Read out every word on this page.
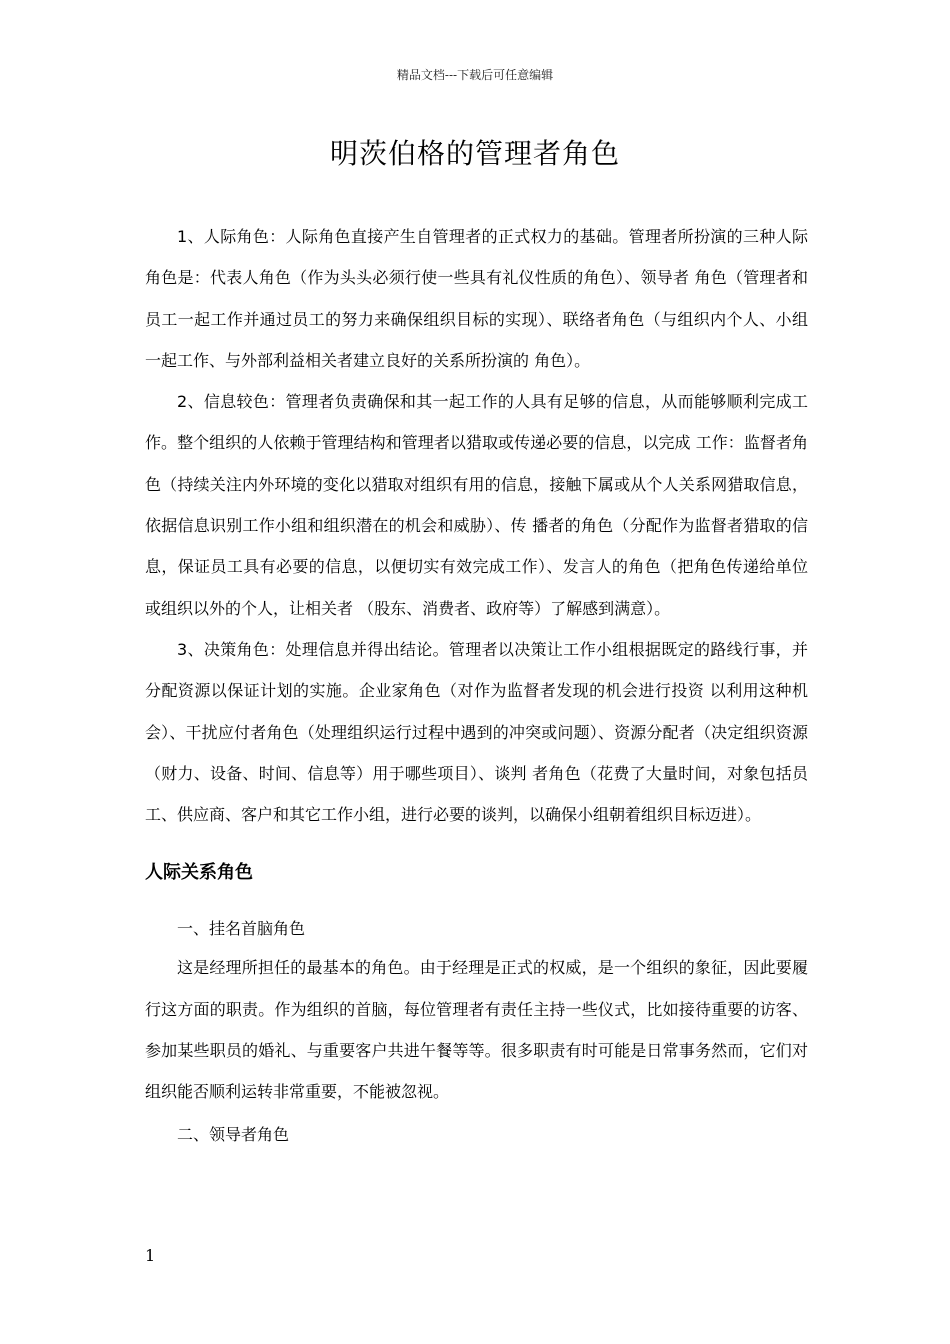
精品文档---下载后可任意编辑
明茨伯格的管理者角色

1、人际角色：人际角色直接产生自管理者的正式权力的基础。管理者所扮演的三种人际角色是：代表人角色（作为头头必须行使一些具有礼仪性质的角色）、领导者 角色（管理者和员工一起工作并通过员工的努力来确保组织目标的实现）、联络者角色（与组织内个人、小组一起工作、与外部利益相关者建立良好的关系所扮演的 角色）。

2、信息较色：管理者负责确保和其一起工作的人具有足够的信息，从而能够顺利完成工作。整个组织的人依赖于管理结构和管理者以猎取或传递必要的信息，以完成 工作：监督者角色（持续关注内外环境的变化以猎取对组织有用的信息，接触下属或从个人关系网猎取信息，依据信息识别工作小组和组织潜在的机会和威胁）、传 播者的角色（分配作为监督者猎取的信息，保证员工具有必要的信息，以便切实有效完成工作）、发言人的角色（把角色传递给单位或组织以外的个人，让相关者 （股东、消费者、政府等）了解感到满意）。

3、决策角色：处理信息并得出结论。管理者以决策让工作小组根据既定的路线行事，并分配资源以保证计划的实施。企业家角色（对作为监督者发现的机会进行投资 以利用这种机会）、干扰应付者角色（处理组织运行过程中遇到的冲突或问题）、资源分配者（决定组织资源（财力、设备、时间、信息等）用于哪些项目）、谈判 者角色（花费了大量时间，对象包括员工、供应商、客户和其它工作小组，进行必要的谈判，以确保小组朝着组织目标迈进）。

人际关系角色

一、挂名首脑角色

这是经理所担任的最基本的角色。由于经理是正式的权威，是一个组织的象征，因此要履行这方面的职责。作为组织的首脑，每位管理者有责任主持一些仪式，比如接待重要的访客、参加某些职员的婚礼、与重要客户共进午餐等等。很多职责有时可能是日常事务然而，它们对组织能否顺利运转非常重要，不能被忽视。

二、领导者角色

1
